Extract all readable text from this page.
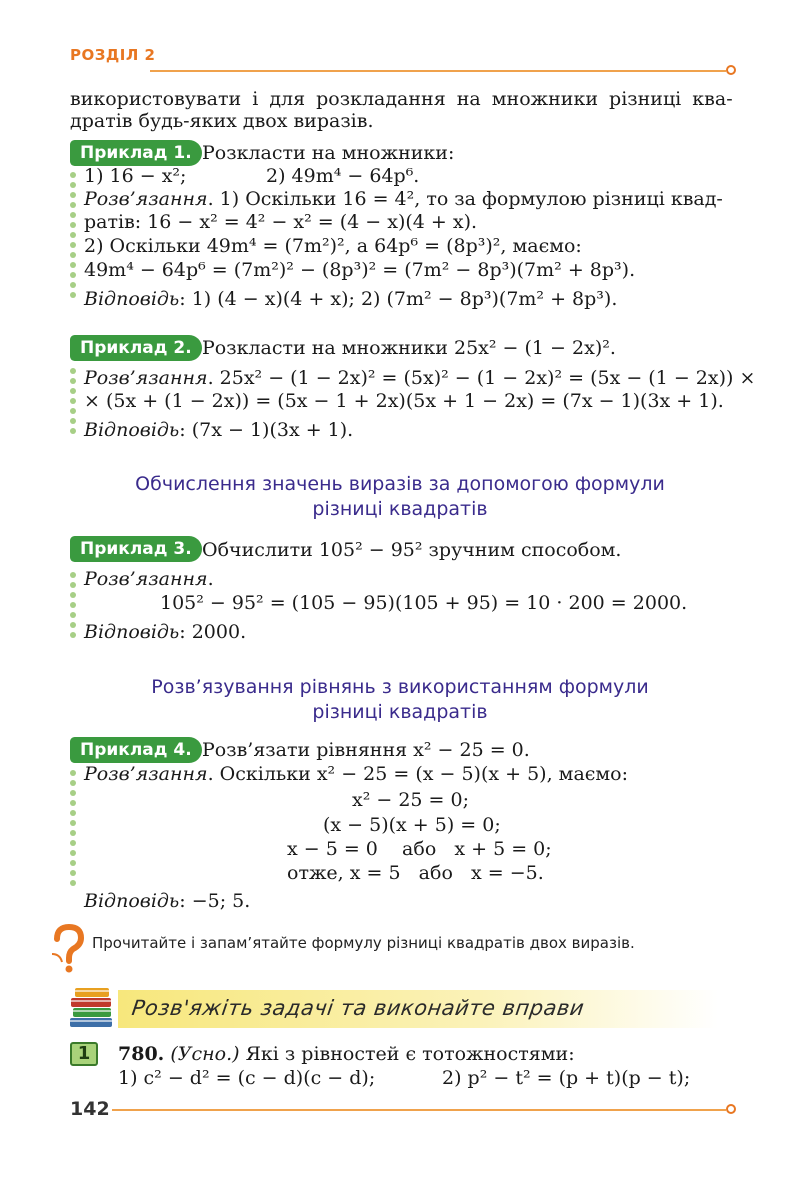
РОЗДІЛ 2
використовувати і для розкладання на множники різниці ква-
дратів будь-яких двох виразів.
Приклад 1. Розкласти на множники:
1) 16 − x²;	2) 49m⁴ − 64p⁶.
Розв’язання. 1) Оскільки 16 = 4², то за формулою різниці квад-
ратів: 16 − x² = 4² − x² = (4 − x)(4 + x).
2) Оскільки 49m⁴ = (7m²)², а 64p⁶ = (8p³)², маємо:
49m⁴ − 64p⁶ = (7m²)² − (8p³)² = (7m² − 8p³)(7m² + 8p³).
Відповідь: 1) (4 − x)(4 + x); 2) (7m² − 8p³)(7m² + 8p³).
Приклад 2. Розкласти на множники 25x² − (1 − 2x)².
Розв’язання. 25x² − (1 − 2x)² = (5x)² − (1 − 2x)² = (5x − (1 − 2x)) ×
× (5x + (1 − 2x)) = (5x − 1 + 2x)(5x + 1 − 2x) = (7x − 1)(3x + 1).
Відповідь: (7x − 1)(3x + 1).
Обчислення значень виразів за допомогою формули
різниці квадратів
Приклад 3. Обчислити 105² − 95² зручним способом.
Розв’язання.
105² − 95² = (105 − 95)(105 + 95) = 10 · 200 = 2000.
Відповідь: 2000.
Розв’язування рівнянь з використанням формули
різниці квадратів
Приклад 4. Розв’язати рівняння x² − 25 = 0.
Розв’язання. Оскільки x² − 25 = (x − 5)(x + 5), маємо:
x² − 25 = 0;
(x − 5)(x + 5) = 0;
x − 5 = 0    або   x + 5 = 0;
отже, x = 5   або   x = −5.
Відповідь: −5; 5.
Прочитайте і запам’ятайте формулу різниці квадратів двох виразів.
Розв'яжіть задачі та виконайте вправи
1	780. (Усно.) Які з рівностей є тотожностями:
1) c² − d² = (c − d)(c − d);	2) p² − t² = (p + t)(p − t);
142
